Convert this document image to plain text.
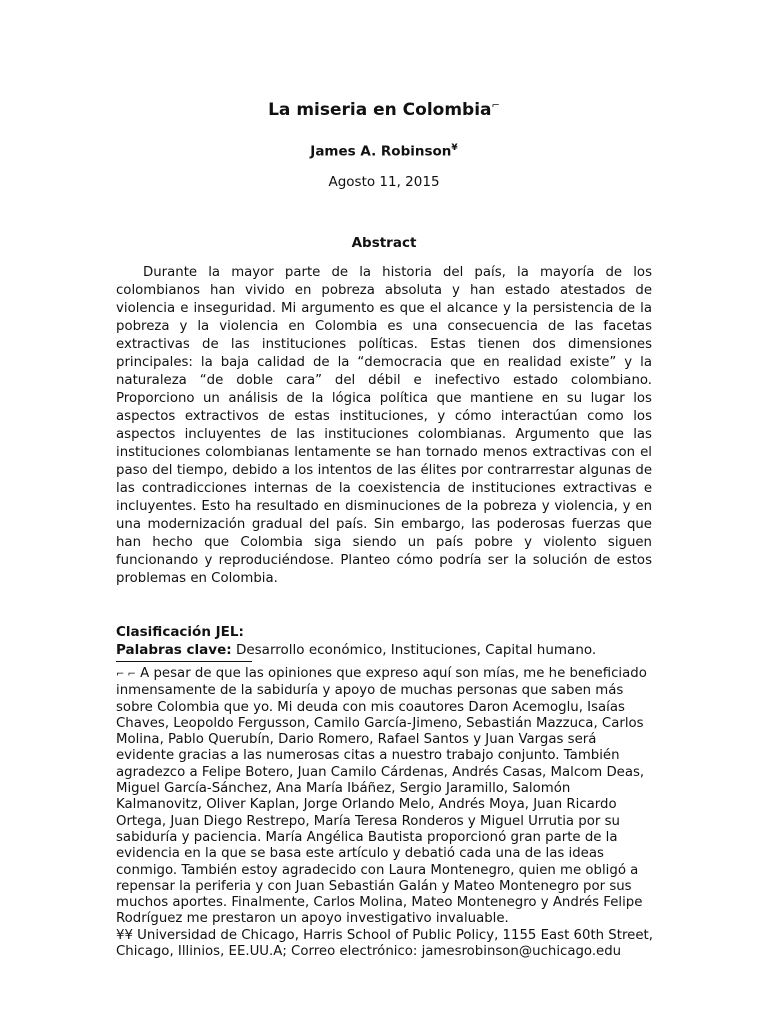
La miseria en Colombia⌐
James A. Robinson¥
Agosto 11, 2015
Abstract

Durante la mayor parte de la historia del país, la mayoría de los colombianos han vivido en pobreza absoluta y han estado atestados de violencia e inseguridad. Mi argumento es que el alcance y la persistencia de la pobreza y la violencia en Colombia es una consecuencia de las facetas extractivas de las instituciones políticas. Estas tienen dos dimensiones principales: la baja calidad de la “democracia que en realidad existe” y la naturaleza “de doble cara” del débil e inefectivo estado colombiano. Proporciono un análisis de la lógica política que mantiene en su lugar los aspectos extractivos de estas instituciones, y cómo interactúan como los aspectos incluyentes de las instituciones colombianas. Argumento que las instituciones colombianas lentamente se han tornado menos extractivas con el paso del tiempo, debido a los intentos de las élites por contrarrestar algunas de las contradicciones internas de la coexistencia de instituciones extractivas e incluyentes. Esto ha resultado en disminuciones de la pobreza y violencia, y en una modernización gradual del país. Sin embargo, las poderosas fuerzas que han hecho que Colombia siga siendo un país pobre y violento siguen funcionando y reproduciéndose. Planteo cómo podría ser la solución de estos problemas en Colombia.

Clasificación JEL:
Palabras clave: Desarrollo económico, Instituciones, Capital humano.

⌐ ⌐ A pesar de que las opiniones que expreso aquí son mías, me he beneficiado inmensamente de la sabiduría y apoyo de muchas personas que saben más sobre Colombia que yo. Mi deuda con mis coautores Daron Acemoglu, Isaías Chaves, Leopoldo Fergusson, Camilo García-Jimeno, Sebastián Mazzuca, Carlos Molina, Pablo Querubín, Dario Romero, Rafael Santos y Juan Vargas será evidente gracias a las numerosas citas a nuestro trabajo conjunto. También agradezco a Felipe Botero, Juan Camilo Cárdenas, Andrés Casas, Malcom Deas, Miguel García-Sánchez, Ana María Ibáñez, Sergio Jaramillo, Salomón Kalmanovitz, Oliver Kaplan, Jorge Orlando Melo, Andrés Moya, Juan Ricardo Ortega, Juan Diego Restrepo, María Teresa Ronderos y Miguel Urrutia por su sabiduría y paciencia. María Angélica Bautista proporcionó gran parte de la evidencia en la que se basa este artículo y debatió cada una de las ideas conmigo. También estoy agradecido con Laura Montenegro, quien me obligó a repensar la periferia y con Juan Sebastián Galán y Mateo Montenegro por sus muchos aportes. Finalmente, Carlos Molina, Mateo Montenegro y Andrés Felipe Rodríguez me prestaron un apoyo investigativo invaluable.

¥¥ Universidad de Chicago, Harris School of Public Policy, 1155 East 60th Street, Chicago, Illinios, EE.UU.A; Correo electrónico: jamesrobinson@uchicago.edu
